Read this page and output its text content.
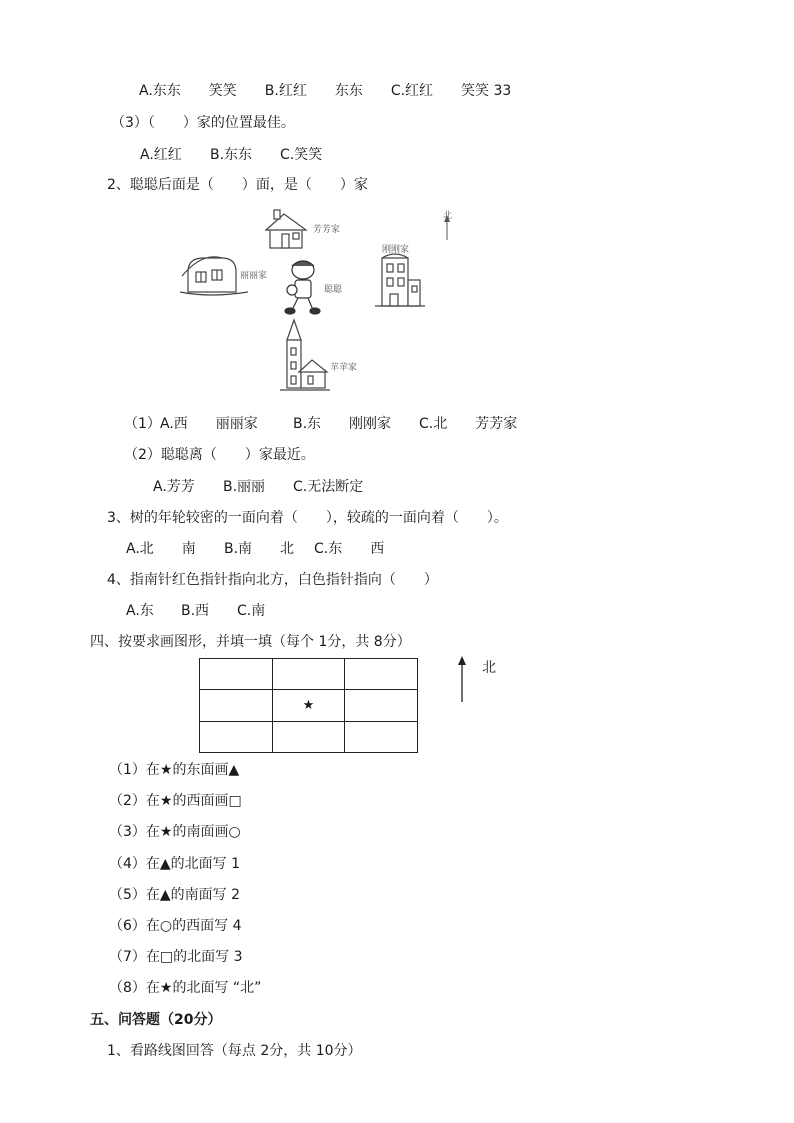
A.东东　　笑笑　　B.红红　　东东　　C.红红　　笑笑 33
（3）（　　）家的位置最佳。
A.红红 B.东东 C.笑笑
2、聪聪后面是（　　）面，是（　　）家
北
芳芳家
丽丽家
刚刚家
聪聪
苹苹家
（1） A.西　　丽丽家	B.东　　刚刚家 C.北　　芳芳家
（2）聪聪离（　　）家最近。
A.芳芳 B.丽丽 C.无法断定
3、树的年轮较密的一面向着（　　），较疏的一面向着（　　）。
A.北　　南 B.南　　北 C.东　　西
4、指南针红色指针指向北方，白色指针指向（　　）
A.东 B.西 C.南
四、按要求画图形，并填一填（每个 1分，共 8分）

	★	

北
（1）在★的东面画▲
（2）在★的西面画□
（3）在★的南面画○
（4）在▲的北面写 1
（5）在▲的南面写 2
（6）在○的西面写 4
（7）在□的北面写 3
（8）在★的北面写 “北”
五、问答题（20分）
1、看路线图回答（每点 2分，共 10分）
